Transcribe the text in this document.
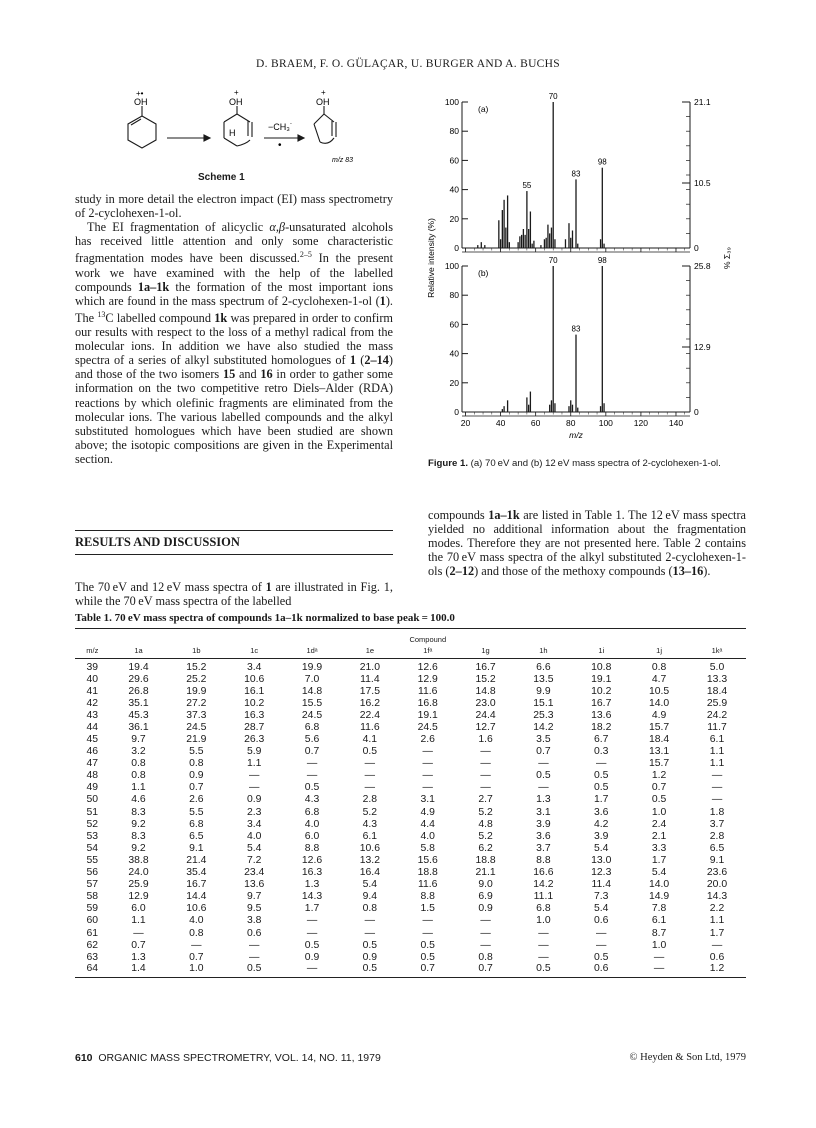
D. BRAEM, F. O. GÜLAÇAR, U. BURGER AND A. BUCHS
+•
OH
+
OH
H
−CH₃˙
•
+
OH
m/z 83
Scheme 1

study in more detail the electron impact (EI) mass spectrometry of 2-cyclohexen-1-ol.

The EI fragmentation of alicyclic α,β-unsaturated alcohols has received little attention and only some characteristic fragmentation modes have been discussed.$^{2-5}$ In the present work we have examined with the help of the labelled compounds 1a–1k the formation of the most important ions which are found in the mass spectrum of 2-cyclohexen-1-ol (1). The $^{13}$C labelled compound 1k was prepared in order to confirm our results with respect to the loss of a methyl radical from the molecular ions. In addition we have also studied the mass spectra of a series of alkyl substituted homologues of 1 (2–14) and those of the two isomers 15 and 16 in order to gather some information on the two competitive retro Diels–Alder (RDA) reactions by which olefinic fragments are eliminated from the molecular ions. The various labelled compounds and the alkyl substituted homologues which have been studied are shown above; the isotopic compositions are given in the Experimental section.

RESULTS AND DISCUSSION
The 70 eV and 12 eV mass spectra of 1 are illustrated in Fig. 1, while the 70 eV mass spectra of the labelled
0
20
40
60
80
100
0
10.5
21.1
(a)
70
98
83
55
0
20
40
60
80
100
0
12.9
25.8
(b)
70	98
83
20	40	60	80	100 120 140
m/z
Relative intensity (%)	% Σ₃₉
Figure 1. (a) 70 eV and (b) 12 eV mass spectra of 2-cyclohexen-1-ol.
compounds 1a–1k are listed in Table 1. The 12 eV mass spectra yielded no additional information about the fragmentation modes. Therefore they are not presented here. Table 2 contains the 70 eV mass spectra of the alkyl substituted 2-cyclohexen-1-ols (2–12) and those of the methoxy compounds (13–16).
Table 1. 70 eV mass spectra of compounds 1a–1k normalized to base peak = 100.0
	Compound										
m/z	1a	1b	1c	1dᵃ	1e	1fᵃ	1g	1h	1i	1j	1kᵃ
39	19.4	15.2	3.4	19.9	21.0	12.6	16.7	6.6	10.8	0.8	5.0
40	29.6	25.2	10.6	7.0	11.4	12.9	15.2	13.5	19.1	4.7	13.3
41	26.8	19.9	16.1	14.8	17.5	11.6	14.8	9.9	10.2	10.5	18.4
42	35.1	27.2	10.2	15.5	16.2	16.8	23.0	15.1	16.7	14.0	25.9
43	45.3	37.3	16.3	24.5	22.4	19.1	24.4	25.3	13.6	4.9	24.2
44	36.1	24.5	28.7	6.8	11.6	24.5	12.7	14.2	18.2	15.7	11.7
45	9.7	21.9	26.3	5.6	4.1	2.6	1.6	3.5	6.7	18.4	6.1
46	3.2	5.5	5.9	0.7	0.5	—	—	0.7	0.3	13.1	1.1
47	0.8	0.8	1.1	—	—	—	—	—	—	15.7	1.1
48	0.8	0.9	—	—	—	—	—	0.5	0.5	1.2	—
49	1.1	0.7	—	0.5	—	—	—	—	0.5	0.7	—
50	4.6	2.6	0.9	4.3	2.8	3.1	2.7	1.3	1.7	0.5	—
51	8.3	5.5	2.3	6.8	5.2	4.9	5.2	3.1	3.6	1.0	1.8
52	9.2	6.8	3.4	4.0	4.3	4.4	4.8	3.9	4.2	2.4	3.7
53	8.3	6.5	4.0	6.0	6.1	4.0	5.2	3.6	3.9	2.1	2.8
54	9.2	9.1	5.4	8.8	10.6	5.8	6.2	3.7	5.4	3.3	6.5
55	38.8	21.4	7.2	12.6	13.2	15.6	18.8	8.8	13.0	1.7	9.1
56	24.0	35.4	23.4	16.3	16.4	18.8	21.1	16.6	12.3	5.4	23.6
57	25.9	16.7	13.6	1.3	5.4	11.6	9.0	14.2	11.4	14.0	20.0
58	12.9	14.4	9.7	14.3	9.4	8.8	6.9	11.1	7.3	14.9	14.3
59	6.0	10.6	9.5	1.7	0.8	1.5	0.9	6.8	5.4	7.8	2.2
60	1.1	4.0	3.8	—	—	—	—	1.0	0.6	6.1	1.1
61	—	0.8	0.6	—	—	—	—	—	—	8.7	1.7
62	0.7	—	—	0.5	0.5	0.5	—	—	—	1.0	—
63	1.3	0.7	—	0.9	0.9	0.5	0.8	—	0.5	—	0.6
64	1.4	1.0	0.5	—	0.5	0.7	0.7	0.5	0.6	—	1.2
610 ORGANIC MASS SPECTROMETRY, VOL. 14, NO. 11, 1979	© Heyden & Son Ltd, 1979
